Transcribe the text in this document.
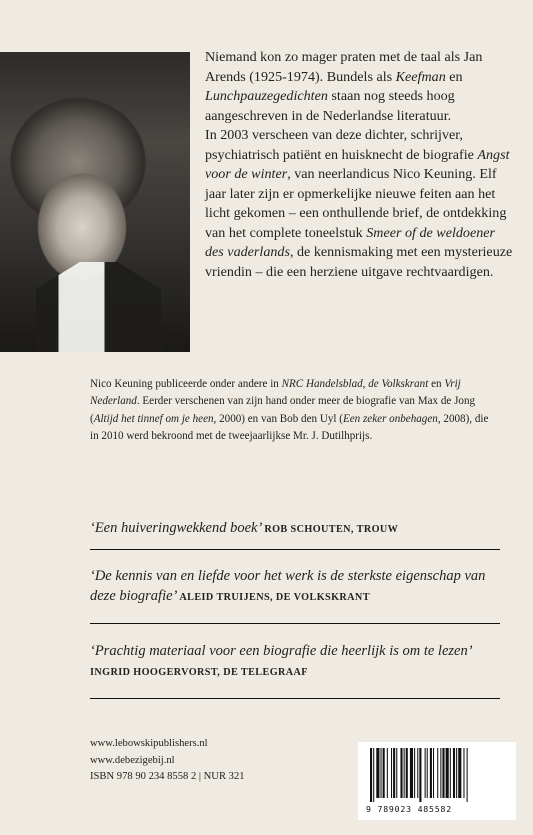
Niemand kon zo mager praten met de taal als Jan Arends (1925-1974). Bundels als Keefman en Lunchpauzegedichten staan nog steeds hoog aangeschreven in de Nederlandse literatuur.

In 2003 verscheen van deze dichter, schrijver, psychiatrisch patiënt en huisknecht de biografie Angst voor de winter, van neerlandicus Nico Keuning. Elf jaar later zijn er opmerkelijke nieuwe feiten aan het licht gekomen – een onthullende brief, de ontdekking van het complete toneelstuk Smeer of de weldoener des vaderlands, de kennismaking met een mysterieuze vriendin – die een herziene uitgave rechtvaardigen.

Nico Keuning publiceerde onder andere in NRC Handelsblad, de Volkskrant en Vrij Nederland. Eerder verschenen van zijn hand onder meer de biografie van Max de Jong (Altijd het tinnef om je heen, 2000) en van Bob den Uyl (Een zeker onbehagen, 2008), die in 2010 werd bekroond met de tweejaarlijkse Mr. J. Dutilhprijs.

‘Een huiveringwekkend boek’ ROB SCHOUTEN, TROUW
‘De kennis van en liefde voor het werk is de sterkste eigenschap van deze biografie’ ALEID TRUIJENS, DE VOLKSKRANT
‘Prachtig materiaal voor een biografie die heerlijk is om te lezen’ INGRID HOOGERVORST, DE TELEGRAAF
www.lebowskipublishers.nl
www.debezigebij.nl
ISBN 978 90 234 8558 2 | NUR 321
9 789023 485582
